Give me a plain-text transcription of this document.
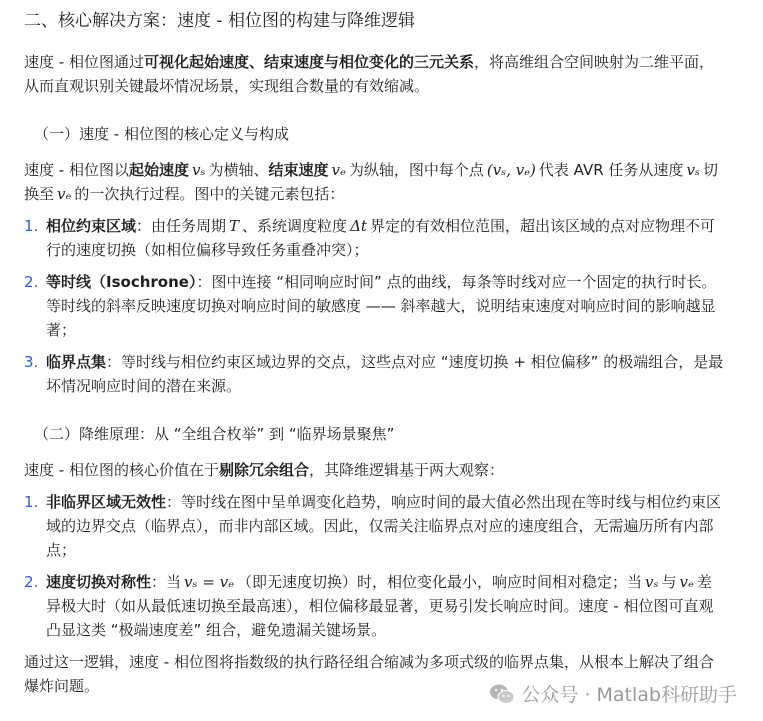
二、核心解决方案：速度 - 相位图的构建与降维逻辑

速度 - 相位图通过可视化起始速度、结束速度与相位变化的三元关系，将高维组合空间映射为二维平面，从而直观识别关键最坏情况场景，实现组合数量的有效缩减。

（一）速度 - 相位图的核心定义与构成

速度 - 相位图以起始速度 vₛ 为横轴、结束速度 vₑ 为纵轴，图中每个点 (vₛ, vₑ) 代表 AVR 任务从速度 vₛ 切换至 vₑ 的一次执行过程。图中的关键元素包括：

1. 相位约束区域：由任务周期 T 、系统调度粒度 Δt 界定的有效相位范围，超出该区域的点对应物理不可行的速度切换（如相位偏移导致任务重叠冲突）；
2. 等时线（Isochrone）：图中连接 “相同响应时间” 点的曲线，每条等时线对应一个固定的执行时长。等时线的斜率反映速度切换对响应时间的敏感度 —— 斜率越大，说明结束速度对响应时间的影响越显著；
3. 临界点集：等时线与相位约束区域边界的交点，这些点对应 “速度切换 + 相位偏移” 的极端组合，是最坏情况响应时间的潜在来源。
（二）降维原理：从 “全组合枚举” 到 “临界场景聚焦”

速度 - 相位图的核心价值在于剔除冗余组合，其降维逻辑基于两大观察：

1. 非临界区域无效性：等时线在图中呈单调变化趋势，响应时间的最大值必然出现在等时线与相位约束区域的边界交点（临界点），而非内部区域。因此，仅需关注临界点对应的速度组合，无需遍历所有内部点；
2. 速度切换对称性：当 vₛ = vₑ （即无速度切换）时，相位变化最小，响应时间相对稳定；当 vₛ 与 vₑ 差异极大时（如从最低速切换至最高速），相位偏移最显著，更易引发长响应时间。速度 - 相位图可直观凸显这类 “极端速度差” 组合，避免遗漏关键场景。

通过这一逻辑，速度 - 相位图将指数级的执行路径组合缩减为多项式级的临界点集，从根本上解决了组合爆炸问题。	公众号 · Matlab科研助手
